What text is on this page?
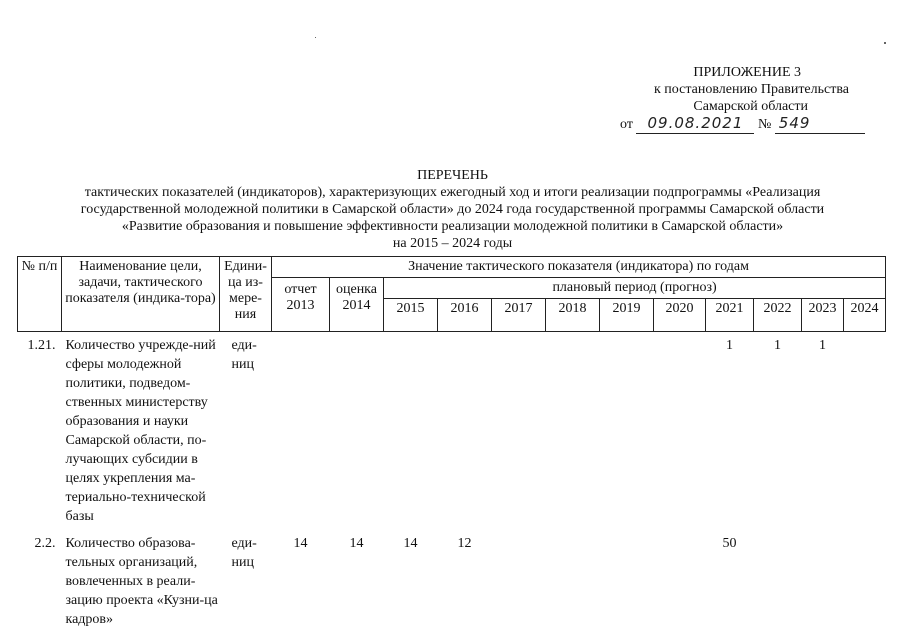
ПРИЛОЖЕНИЕ 3
к постановлению Правительства
Самарской области
от 09.08.2021 № 549
ПЕРЕЧЕНЬ
тактических показателей (индикаторов), характеризующих ежегодный ход и итоги реализации подпрограммы «Реализация
государственной молодежной политики в Самарской области» до 2024 года государственной программы Самарской области
«Развитие образования и повышение эффективности реализации молодежной политики в Самарской области»
на 2015 – 2024 годы
№ п/п	Наименование цели, задачи, тактического показателя (индика-тора)	Едини-ца из-мере-ния	Значение тактического показателя (индикатора) по годам											
			отчет 2013	оценка 2014	плановый период (прогноз)									
					2015	2016	2017	2018	2019	2020	2021	2022	2023	2024
1.21.	Количество учрежде-ний сферы молодежной политики, подведом-ственных министерству образования и науки Самарской области, по-лучающих субсидии в целях укрепления ма-териально-технической базы	еди-ниц									1	1	1	
2.2.	Количество образова-тельных организаций, вовлеченных в реали-зацию проекта «Кузни-ца кадров»	еди-ниц	14	14	14	12					50			
